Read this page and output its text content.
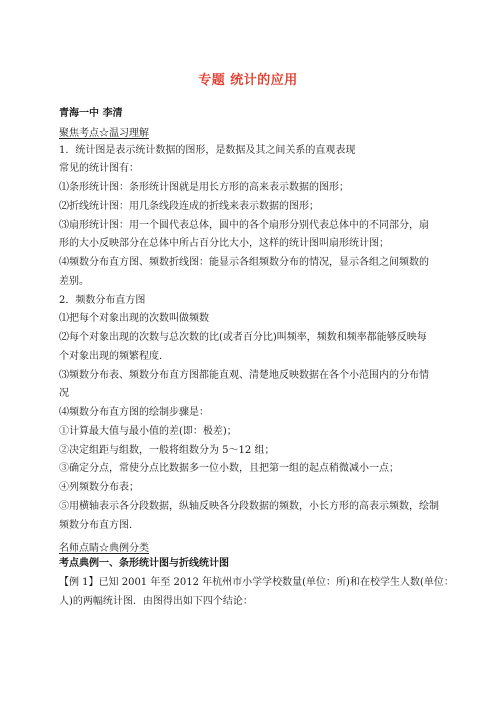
专题 统计的应用
青海一中 李清
聚焦考点☆温习理解
1．统计图是表示统计数据的图形，是数据及其之间关系的直观表现
常见的统计图有：
⑴条形统计图：条形统计图就是用长方形的高来表示数据的图形；
⑵折线统计图：用几条线段连成的折线来表示数据的图形；
⑶扇形统计图：用一个圆代表总体，圆中的各个扇形分别代表总体中的不同部分，扇
形的大小反映部分在总体中所占百分比大小，这样的统计图叫扇形统计图；
⑷频数分布直方图、频数折线图：能显示各组频数分布的情况，显示各组之间频数的
差别。
2．频数分布直方图
⑴把每个对象出现的次数叫做频数
⑵每个对象出现的次数与总次数的比(或者百分比)叫频率，频数和频率都能够反映每
个对象出现的频繁程度．
⑶频数分布表、频数分布直方图都能直观、清楚地反映数据在各个小范围内的分布情
况
⑷频数分布直方图的绘制步骤是：
①计算最大值与最小值的差(即：极差)；
②决定组距与组数，一般将组数分为 5～12 组；
③确定分点，常使分点比数据多一位小数，且把第一组的起点稍微减小一点；
④列频数分布表；
⑤用横轴表示各分段数据，纵轴反映各分段数据的频数，小长方形的高表示频数，绘制
频数分布直方图．
名师点睛☆典例分类
考点典例一、条形统计图与折线统计图
【例 1】已知 2001 年至 2012 年杭州市小学学校数量(单位：所)和在校学生人数(单位：
人)的两幅统计图．由图得出如下四个结论：
